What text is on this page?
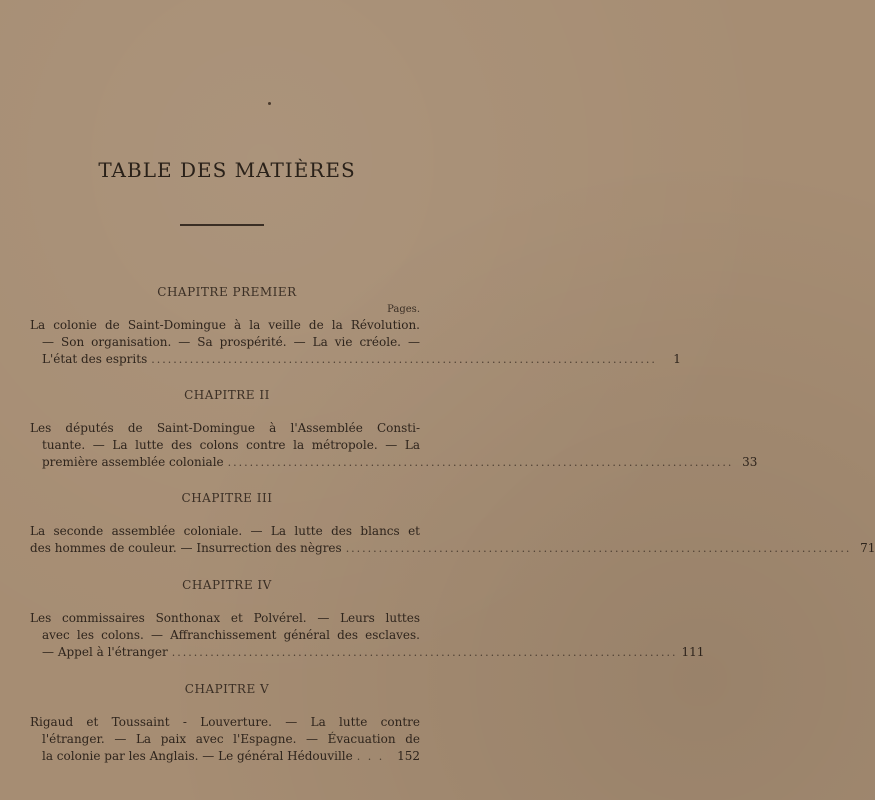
TABLE DES MATIÈRES
CHAPITRE PREMIER
Pages.
La colonie de Saint-Domingue à la veille de la Révolution.
— Son organisation. — Sa prospérité. — La vie créole. —
L'état des esprits ............................................................................................	1
CHAPITRE II
Les députés de Saint-Domingue à l'Assemblée Consti-
tuante. — La lutte des colons contre la métropole. — La
première assemblée coloniale ............................................................................................ 33
CHAPITRE III
La seconde assemblée coloniale. — La lutte des blancs et
des hommes de couleur. — Insurrection des nègres ............................................................................................ 71
CHAPITRE IV
Les commissaires Sonthonax et Polvérel. — Leurs luttes
avec les colons. — Affranchissement général des esclaves.
— Appel à l'étranger ............................................................................................ 111
CHAPITRE V
Rigaud et Toussaint - Louverture. — La lutte contre
l'étranger. — La paix avec l'Espagne. — Évacuation de
la colonie par les Anglais. — Le général Hédouville . . .	152
